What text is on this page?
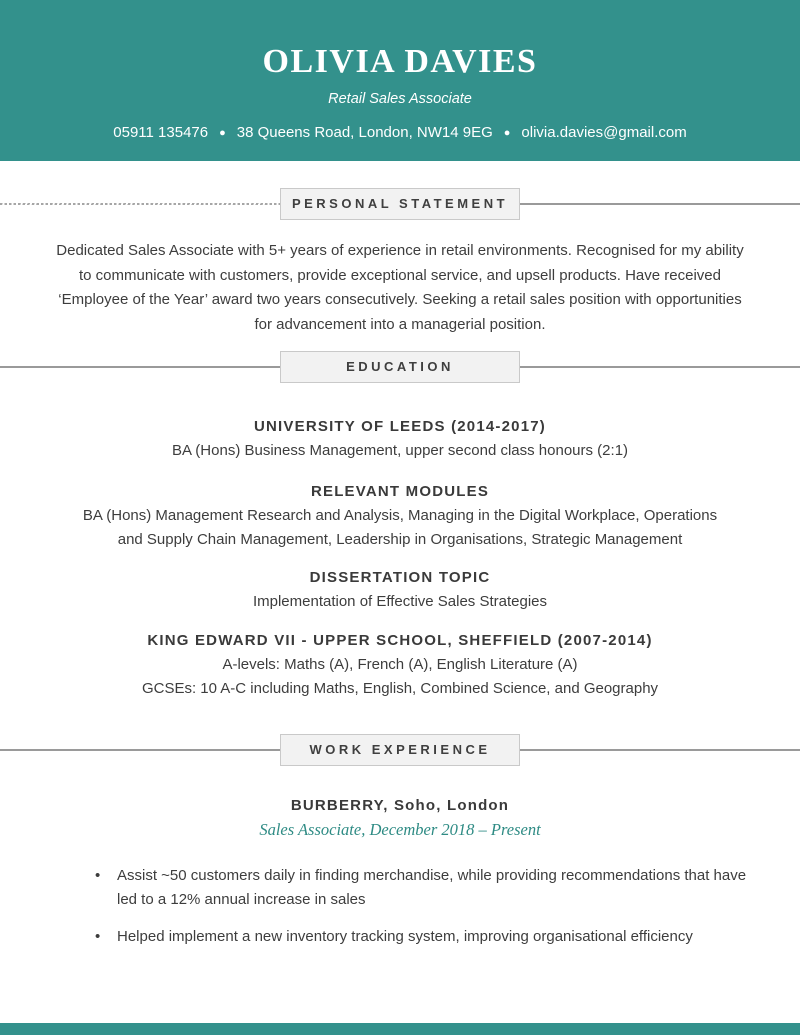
OLIVIA DAVIES
Retail Sales Associate
05911 135476 ● 38 Queens Road, London, NW14 9EG ● olivia.davies@gmail.com
PERSONAL STATEMENT
Dedicated Sales Associate with 5+ years of experience in retail environments. Recognised for my ability to communicate with customers, provide exceptional service, and upsell products. Have received ‘Employee of the Year’ award two years consecutively. Seeking a retail sales position with opportunities for advancement into a managerial position.
EDUCATION
UNIVERSITY OF LEEDS (2014-2017)
BA (Hons) Business Management, upper second class honours (2:1)
RELEVANT MODULES
BA (Hons) Management Research and Analysis, Managing in the Digital Workplace, Operations and Supply Chain Management, Leadership in Organisations, Strategic Management
DISSERTATION TOPIC
Implementation of Effective Sales Strategies
KING EDWARD VII - UPPER SCHOOL, SHEFFIELD (2007-2014)
A-levels: Maths (A), French (A), English Literature (A)
GCSEs: 10 A-C including Maths, English, Combined Science, and Geography
WORK EXPERIENCE
BURBERRY, Soho, London
Sales Associate, December 2018 – Present
• Assist ~50 customers daily in finding merchandise, while providing recommendations that have led to a 12% annual increase in sales
• Helped implement a new inventory tracking system, improving organisational efficiency
